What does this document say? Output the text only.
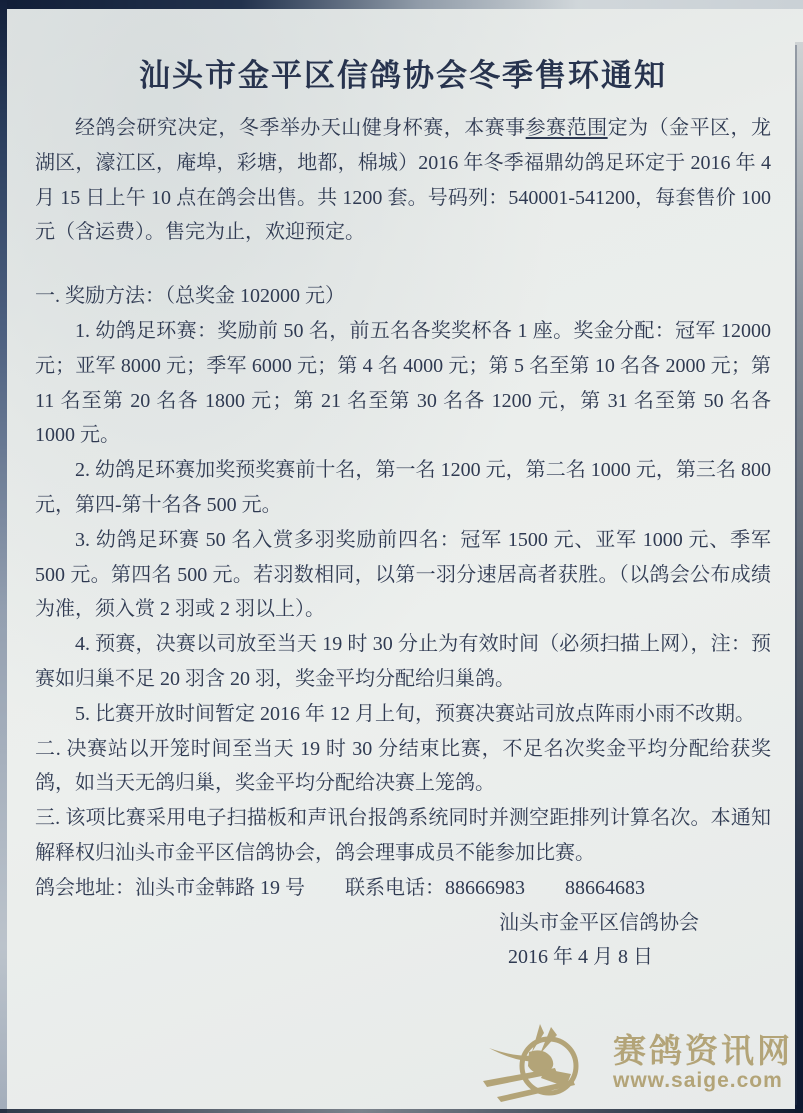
汕头市金平区信鸽协会冬季售环通知

经鸽会研究决定，冬季举办天山健身杯赛，本赛事参赛范围定为（金平区，龙湖区，濠江区，庵埠，彩塘，地都，棉城）2016 年冬季福鼎幼鸽足环定于 2016 年 4 月 15 日上午 10 点在鸽会出售。共 1200 套。号码列：540001-541200，每套售价 100 元（含运费）。售完为止，欢迎预定。

一. 奖励方法：（总奖金 102000 元）

1. 幼鸽足环赛：奖励前 50 名，前五名各奖奖杯各 1 座。奖金分配：冠军 12000 元；亚军 8000 元；季军 6000 元；第 4 名 4000 元；第 5 名至第 10 名各 2000 元；第 11 名至第 20 名各 1800 元；第 21 名至第 30 名各 1200 元，第 31 名至第 50 名各 1000 元。

2. 幼鸽足环赛加奖预奖赛前十名，第一名 1200 元，第二名 1000 元，第三名 800 元，第四-第十名各 500 元。

3. 幼鸽足环赛 50 名入赏多羽奖励前四名：冠军 1500 元、亚军 1000 元、季军 500 元。第四名 500 元。若羽数相同，以第一羽分速居高者获胜。（以鸽会公布成绩为准，须入赏 2 羽或 2 羽以上）。

4. 预赛，决赛以司放至当天 19 时 30 分止为有效时间（必须扫描上网），注：预赛如归巢不足 20 羽含 20 羽，奖金平均分配给归巢鸽。

5. 比赛开放时间暂定 2016 年 12 月上旬，预赛决赛站司放点阵雨小雨不改期。

二. 决赛站以开笼时间至当天 19 时 30 分结束比赛，不足名次奖金平均分配给获奖鸽，如当天无鸽归巢，奖金平均分配给决赛上笼鸽。

三. 该项比赛采用电子扫描板和声讯台报鸽系统同时并测空距排列计算名次。本通知解释权归汕头市金平区信鸽协会，鸽会理事成员不能参加比赛。

鸽会地址：汕头市金韩路 19 号　　联系电话：88666983　　88664683

汕头市金平区信鸽协会

2016 年 4 月 8 日

赛鸽资讯网
www.saige.com
